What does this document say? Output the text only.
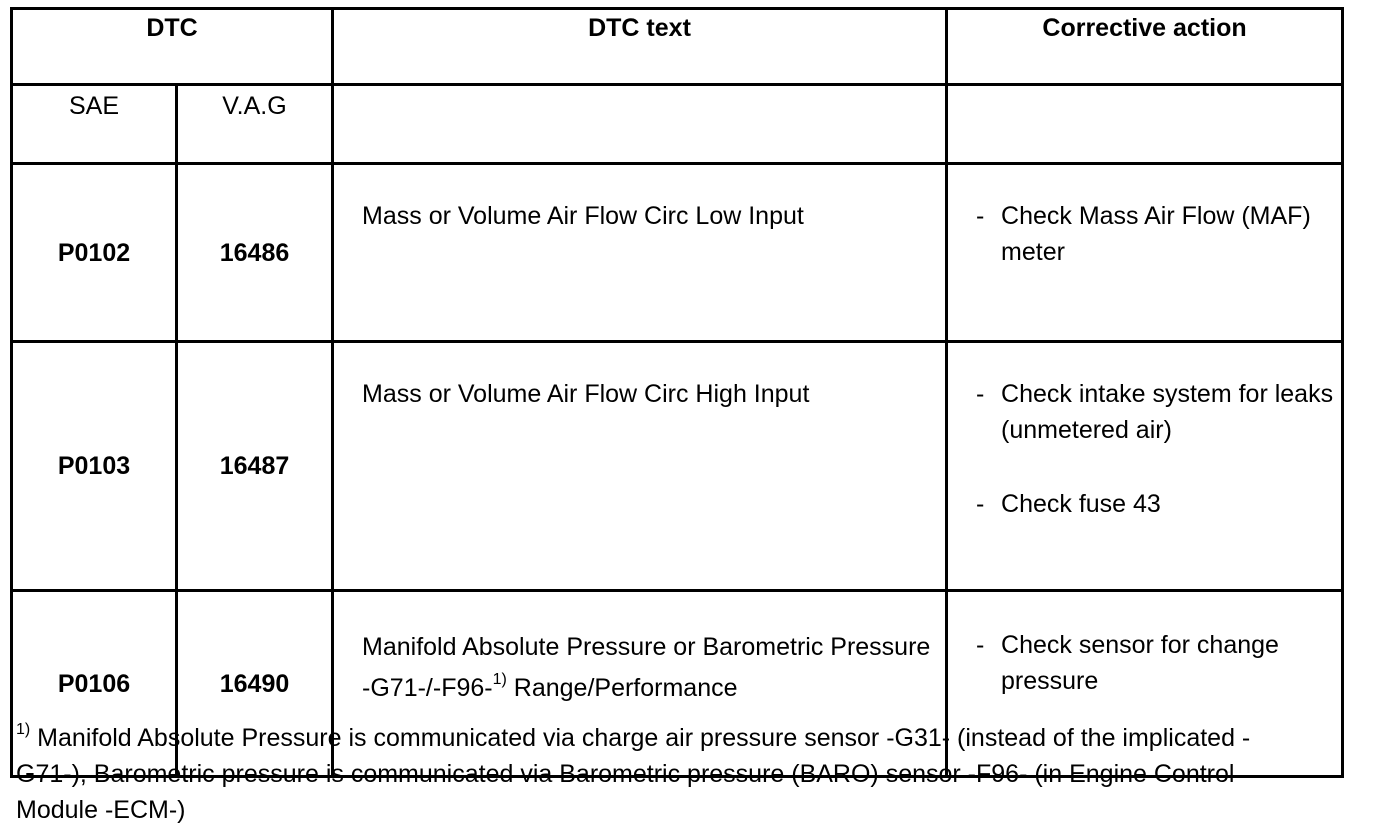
DTC		DTC text	Corrective action
SAE	V.A.G		
P0102	16486	Mass or Volume Air Flow Circ Low Input	- Check Mass Air Flow (MAF) meter

P0103	16487	Mass or Volume Air Flow Circ High Input	- Check intake system for leaks (unmetered air)
- Check fuse 43

P0106	16490	Manifold Absolute Pressure or Barometric Pressure -G71-/-F96-$^{1)}$ Range/Performance	- Check sensor for change pressure
$^{1)}$ Manifold Absolute Pressure is communicated via charge air pressure sensor -G31- (instead of the implicated -G71-), Barometric pressure is communicated via Barometric pressure (BARO) sensor -F96- (in Engine Control Module -ECM-)
